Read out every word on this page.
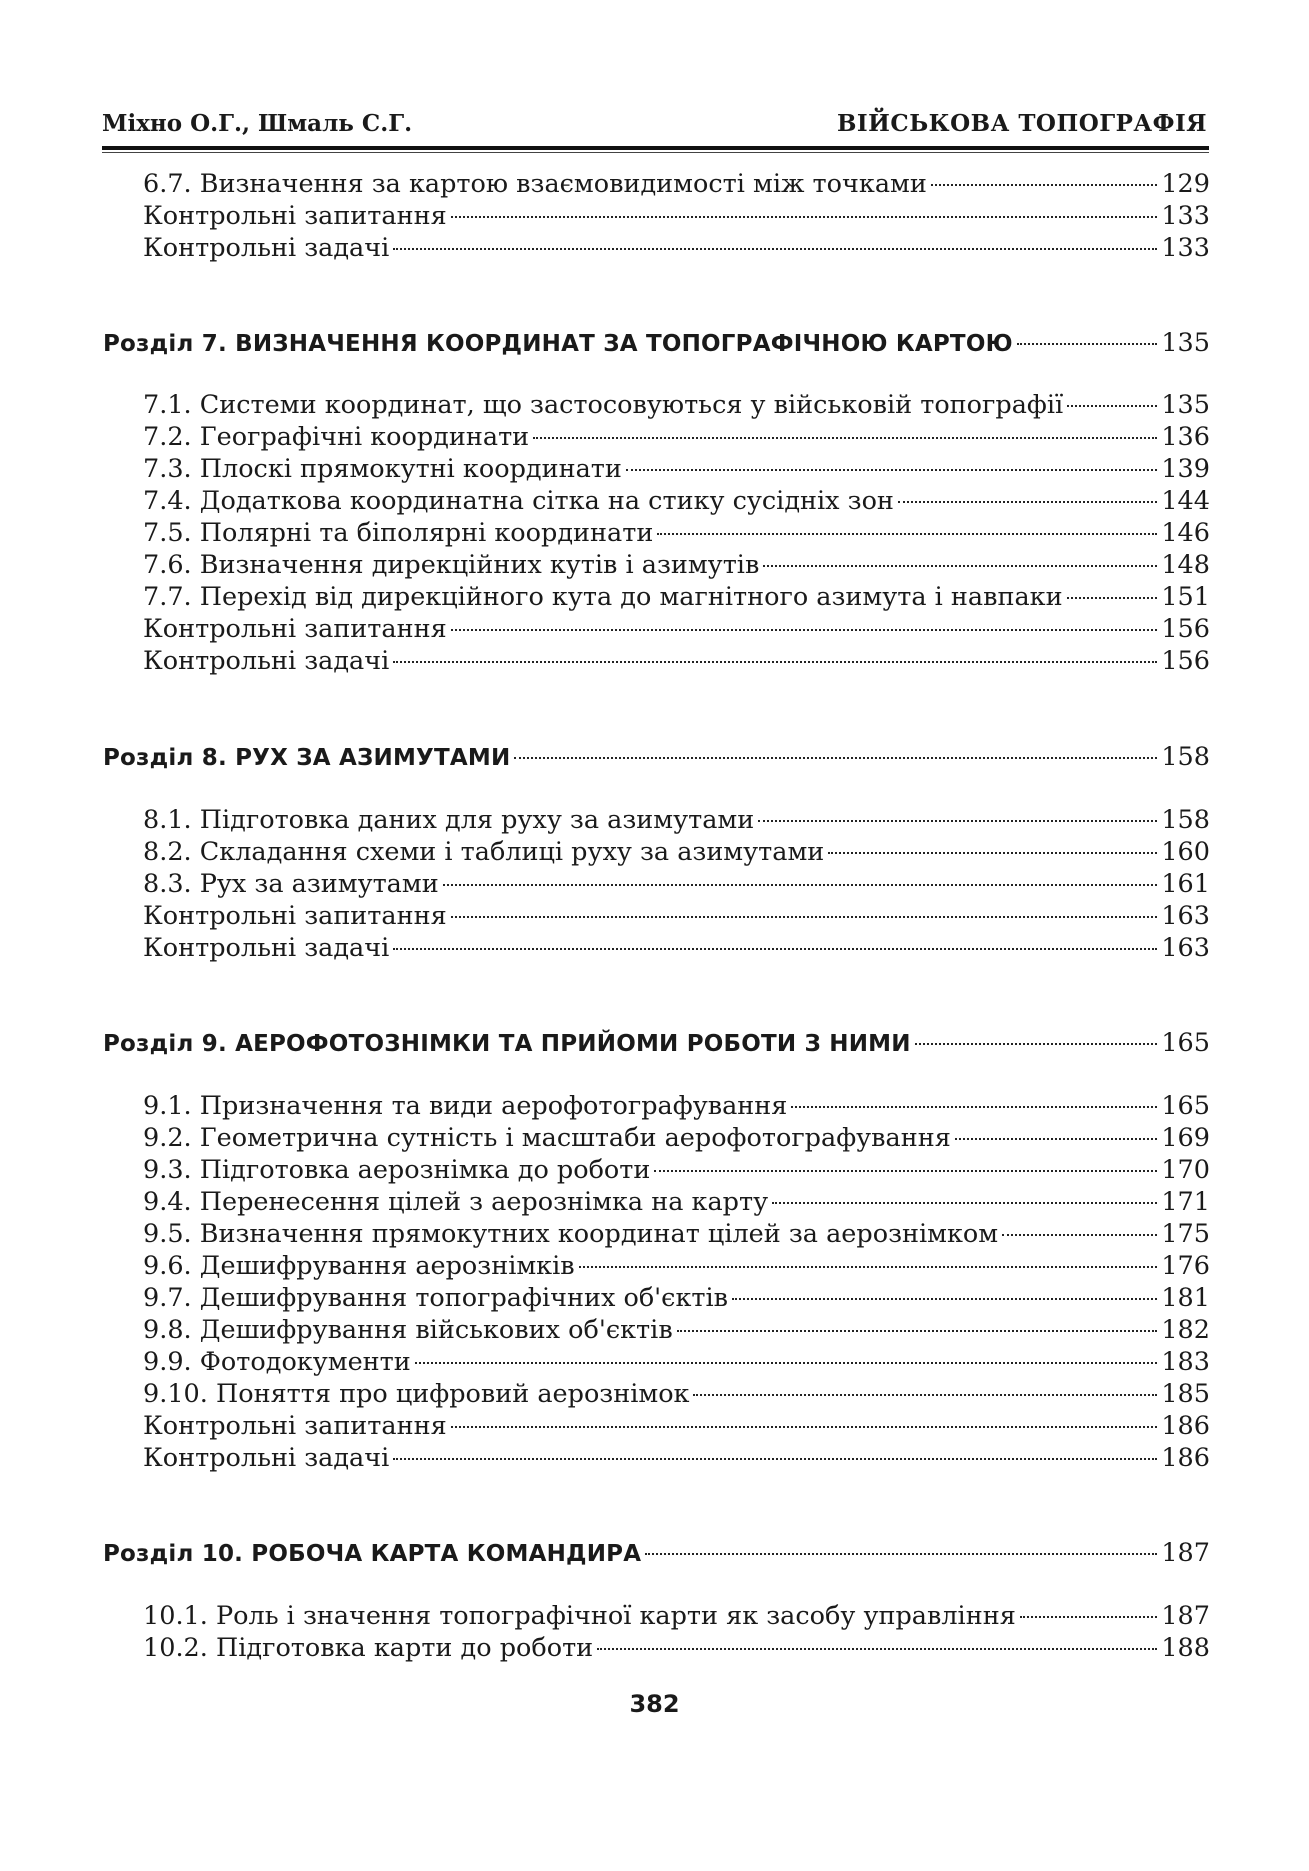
Міхно О.Г., Шмаль С.Г.	ВІЙСЬКОВА ТОПОГРАФІЯ
6.7. Визначення за картою взаємовидимості між точками	129
Контрольні запитання	133
Контрольні задачі	133
Розділ 7. ВИЗНАЧЕННЯ КООРДИНАТ ЗА ТОПОГРАФІЧНОЮ КАРТОЮ	135
7.1. Системи координат, що застосовуються у військовій топографії	135
7.2. Географічні координати	136
7.3. Плоскі прямокутні координати	139
7.4. Додаткова координатна сітка на стику сусідніх зон	144
7.5. Полярні та біполярні координати	146
7.6. Визначення дирекційних кутів і азимутів	148
7.7. Перехід від дирекційного кута до магнітного азимута і навпаки	151
Контрольні запитання	156
Контрольні задачі	156
Розділ 8. РУХ ЗА АЗИМУТАМИ	158
8.1. Підготовка даних для руху за азимутами	158
8.2. Складання схеми і таблиці руху за азимутами	160
8.3. Рух за азимутами	161
Контрольні запитання	163
Контрольні задачі	163
Розділ 9. АЕРОФОТОЗНІМКИ ТА ПРИЙОМИ РОБОТИ З НИМИ	165
9.1. Призначення та види аерофотографування	165
9.2. Геометрична сутність і масштаби аерофотографування	169
9.3. Підготовка аерознімка до роботи	170
9.4. Перенесення цілей з аерознімка на карту	171
9.5. Визначення прямокутних координат цілей за аерознімком	175
9.6. Дешифрування аерознімків	176
9.7. Дешифрування топографічних об'єктів	181
9.8. Дешифрування військових об'єктів	182
9.9. Фотодокументи	183
9.10. Поняття про цифровий аерознімок	185
Контрольні запитання	186
Контрольні задачі	186
Розділ 10. РОБОЧА КАРТА КОМАНДИРА	187
10.1. Роль і значення топографічної карти як засобу управління	187
10.2. Підготовка карти до роботи	188
382
